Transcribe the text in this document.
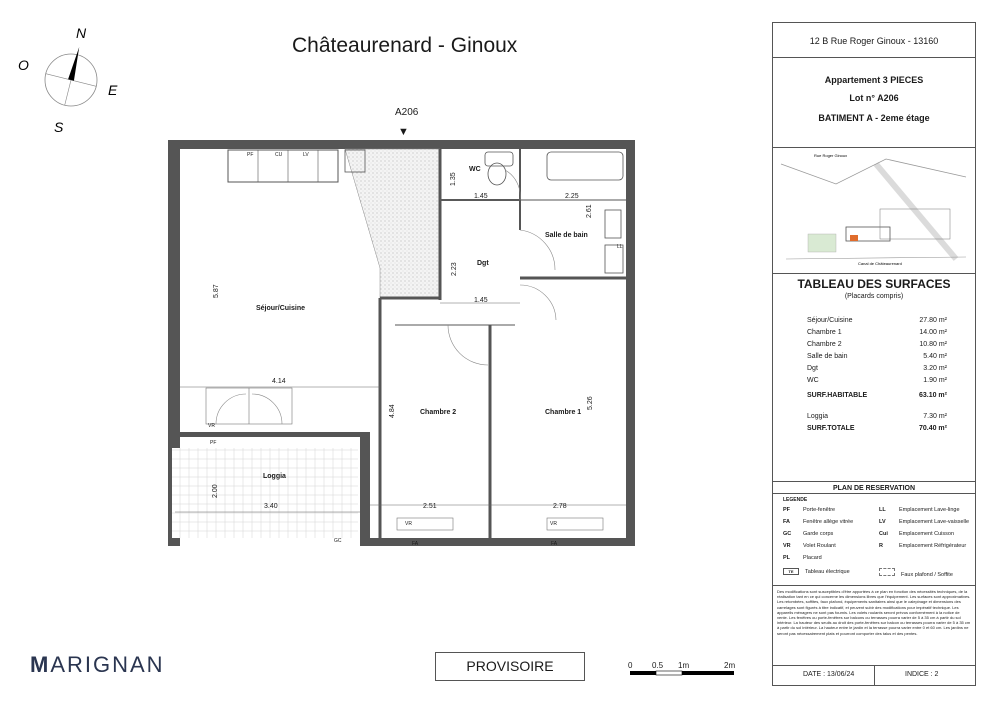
Châteaurenard - Ginoux
N
O
E
S
A206
▼
Séjour/Cuisine
WC
Salle de bain
Dgt
Chambre 2	Chambre 1
Loggia
5.87
1.35
1.45	2.25
2.61
2.23
1.45
4.14
4.84
5.26
2.00
3.40	2.51	2.78
PF	CU	LV
VR
PF
GC	FA	FA
VR	VR
LL
12 B Rue Roger Ginoux - 13160
Appartement 3 PIECES
Lot n° A206
BATIMENT A - 2eme étage
Rue Roger Ginoux
Canal de Châteaurenard
TABLEAU DES SURFACES
(Placards compris)
Séjour/Cuisine	27.80 m²
Chambre 1	14.00 m²
Chambre 2	10.80 m²
Salle de bain	5.40 m²
Dgt	3.20 m²
WC	1.90 m²
SURF.HABITABLE	63.10 m²
Loggia	7.30 m²
SURF.TOTALE	70.40 m²
PLAN DE RESERVATION
LEGENDE
PF Porte-fenêtre
FA Fenêtre allège vitrée
GC Garde corps
VR Volet Roulant
PL Placard
TE Tableau électrique
LL Emplacement Lave-linge
LV Emplacement Lave-vaisselle
Cui Emplacement Cuisson
R	Emplacement Réfrigérateur
Faux plafond / Soffite
Des modifications sont susceptibles d'être apportées à ce plan en fonction des nécessités techniques, de la réalisation tant en ce qui concerne les dimensions libres que l'équipement. Les surfaces sont approximatives. Les retombées, soffites, faux plafond, équipements sanitaires ainsi que le calepinage et dimensions des carrelages sont figurés à titre indicatif, et peuvent subir des modifications pour impératif technique. Les appareils ménagers ne sont pas fournis. Les volets roulants seront prévus conformément à la notice de vente. Les fenêtres ou porte-fenêtres sur balcons ou terrasses pourra varier de 5 à 35 cm à partir du sol intérieur. La hauteur des seuils au droit des porte-fenêtres sur balcon ou terrasses pourra varier de 5 à 35 cm à partir du sol intérieur. La hauteur entre le jardin et la terrasse pourra varier entre 0 et 60 cm. Les jardins ne seront pas nécessairement plats et pourront comporter des talus et des pentes.
DATE : 13/06/24	INDICE : 2
MARIGNAN	PROVISOIRE	0 0.5 1m	2m
